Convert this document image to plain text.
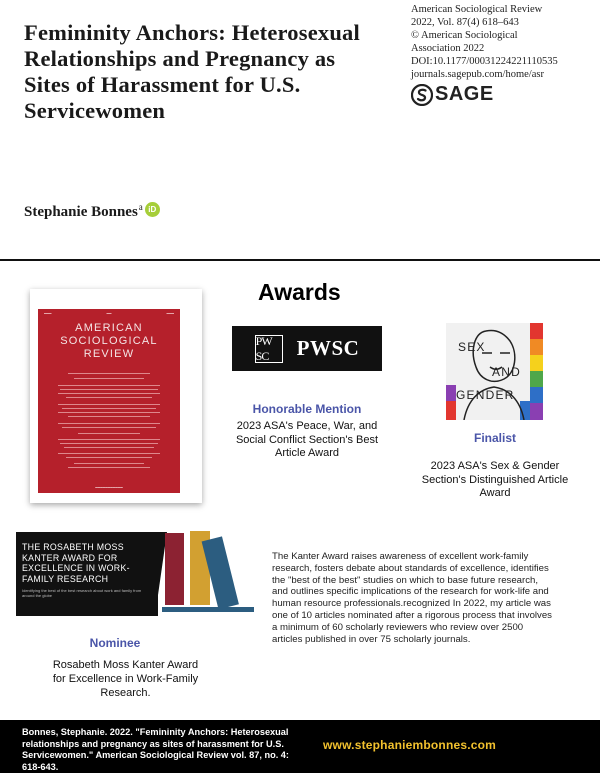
Femininity Anchors: Heterosexual Relationships and Pregnancy as Sites of Harassment for U.S. Servicewomen
American Sociological Review
2022, Vol. 87(4) 618–643
© American Sociological
Association 2022
DOI:10.1177/00031224221110535
journals.sagepub.com/home/asr
SAGE
Stephanie Bonnes$^a$ iD
Awards
▬▬▬	▬▬	▬▬▬
AMERICAN
SOCIOLOGICAL
REVIEW
▬▬▬▬▬▬▬▬▬▬▬
PW SC	PWSC
Honorable Mention
2023 ASA's Peace, War, and Social Conflict Section's Best Article Award
SEX
AND
GENDER
Finalist
2023 ASA's Sex & Gender Section's Distinguished Article Award
THE ROSABETH MOSS KANTER AWARD FOR EXCELLENCE IN WORK-FAMILY RESEARCH
Identifying the best of the best research about work and family from around the globe
Nominee
Rosabeth Moss Kanter Award for Excellence in Work-Family Research.
The Kanter Award raises awareness of excellent work-family research, fosters debate about standards of excellence, identifies the "best of the best" studies on which to base future research, and outlines specific implications of the research for work-life and human resource professionals.recognized In 2022, my article was one of 10 articles nominated after a rigorous process that involves a minimum of 60 scholarly reviewers who review over 2500 articles published in over 75 scholarly journals.
Bonnes, Stephanie. 2022. "Femininity Anchors: Heterosexual relationships and pregnancy as sites of harassment for U.S. Servicewomen." American Sociological Review vol. 87, no. 4: 618-643.
www.stephaniembonnes.com
